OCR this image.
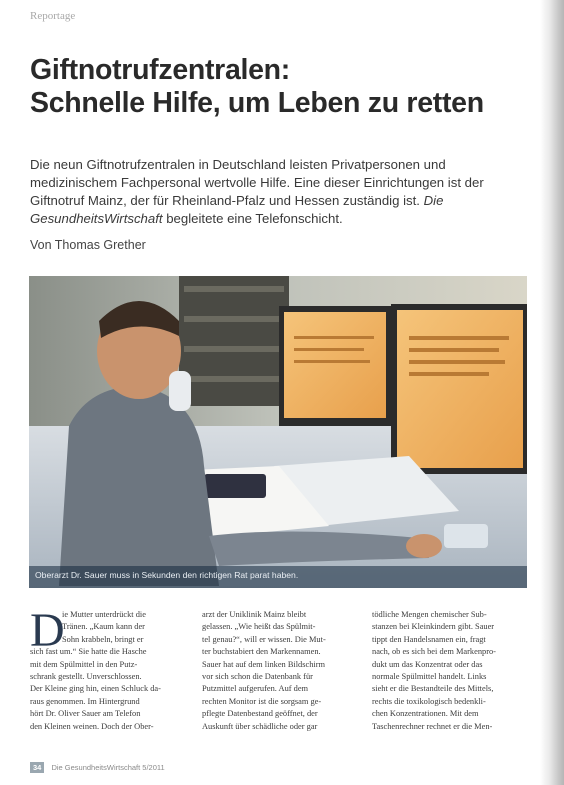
Reportage
Giftnotrufzentralen:
Schnelle Hilfe, um Leben zu retten
Die neun Giftnotrufzentralen in Deutschland leisten Privatpersonen und medizinischem Fachpersonal wertvolle Hilfe. Eine dieser Einrichtungen ist der Giftnotruf Mainz, der für Rheinland-Pfalz und Hessen zuständig ist. Die GesundheitsWirtschaft begleitete eine Telefonschicht.
Von Thomas Grether
Oberarzt Dr. Sauer muss in Sekunden den richtigen Rat parat haben.
D
ie Mutter unterdrückt die
Tränen. „Kaum kann der
Sohn krabbeln, bringt er
sich fast um.“ Sie hatte die Hasche
mit dem Spülmittel in den Putz-
schrank gestellt. Unverschlossen.
Der Kleine ging hin, einen Schluck da-
raus genommen. Im Hintergrund
hört Dr. Oliver Sauer am Telefon
den Kleinen weinen. Doch der Ober-
arzt der Uniklinik Mainz bleibt
gelassen. „Wie heißt das Spülmit-
tel genau?“, will er wissen. Die Mut-
ter buchstabiert den Markennamen.
Sauer hat auf dem linken Bildschirm
vor sich schon die Datenbank für
Putzmittel aufgerufen. Auf dem
rechten Monitor ist die sorgsam ge-
pflegte Datenbestand geöffnet, der
Auskunft über schädliche oder gar
tödliche Mengen chemischer Sub-
stanzen bei Kleinkindern gibt. Sauer
tippt den Handelsnamen ein, fragt
nach, ob es sich bei dem Markenpro-
dukt um das Konzentrat oder das
normale Spülmittel handelt. Links
sieht er die Bestandteile des Mittels,
rechts die toxikologisch bedenkli-
chen Konzentrationen. Mit dem
Taschenrechner rechnet er die Men-
34 Die GesundheitsWirtschaft 5/2011
